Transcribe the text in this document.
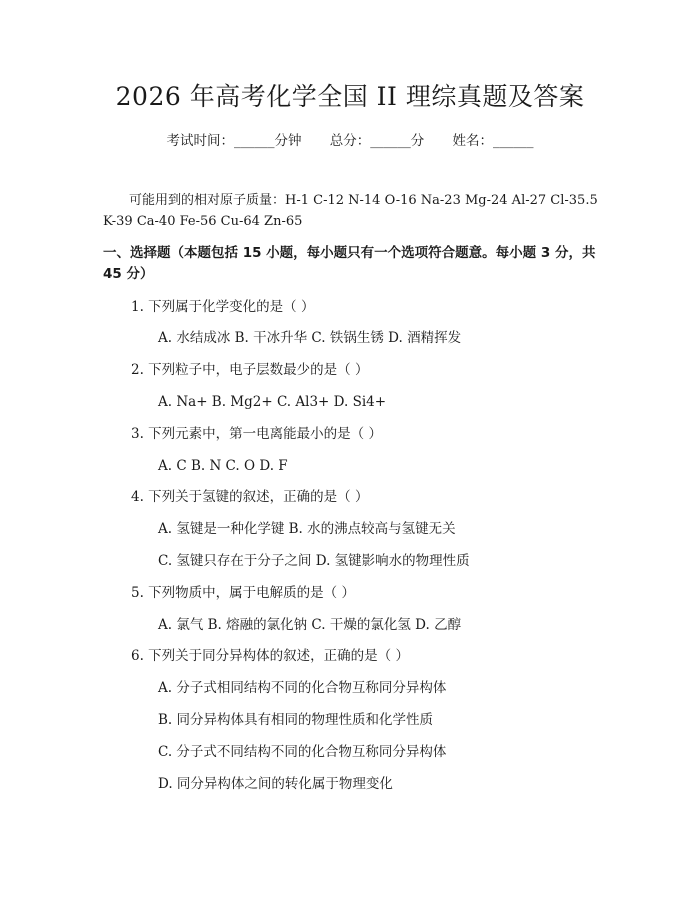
2026 年高考化学全国 II 理综真题及答案
考试时间：______分钟 总分：______分 姓名：______
可能用到的相对原子质量：H-1 C-12 N-14 O-16 Na-23 Mg-24 Al-27 Cl-35.5 K-39 Ca-40 Fe-56 Cu-64 Zn-65
一、选择题（本题包括 15 小题，每小题只有一个选项符合题意。每小题 3 分，共 45 分）
1. 下列属于化学变化的是（ ）
A. 水结成冰 B. 干冰升华 C. 铁锅生锈 D. 酒精挥发
2. 下列粒子中，电子层数最少的是（ ）
A. Na+ B. Mg2+ C. Al3+ D. Si4+
3. 下列元素中，第一电离能最小的是（ ）
A. C B. N C. O D. F
4. 下列关于氢键的叙述，正确的是（ ）
A. 氢键是一种化学键 B. 水的沸点较高与氢键无关
C. 氢键只存在于分子之间 D. 氢键影响水的物理性质
5. 下列物质中，属于电解质的是（ ）
A. 氯气 B. 熔融的氯化钠 C. 干燥的氯化氢 D. 乙醇
6. 下列关于同分异构体的叙述，正确的是（ ）
A. 分子式相同结构不同的化合物互称同分异构体
B. 同分异构体具有相同的物理性质和化学性质
C. 分子式不同结构不同的化合物互称同分异构体
D. 同分异构体之间的转化属于物理变化
